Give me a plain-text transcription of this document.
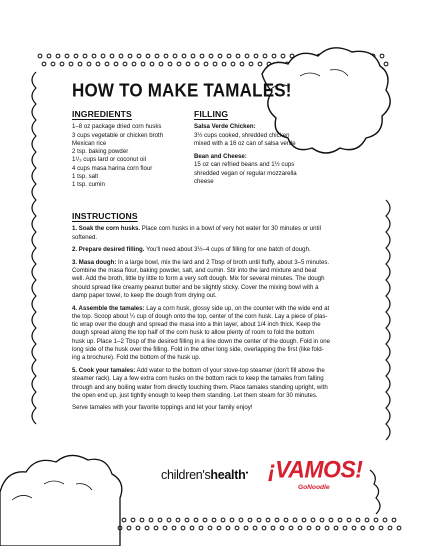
HOW TO MAKE TAMALES!
INGREDIENTS
1–8 oz package dried corn husks
3 cups vegetable or chicken broth
Mexican rice
2 tsp. baking powder
1¹/₃ cups lard or coconut oil
4 cups masa harina corn flour
1 tsp. salt
1 tsp. cumin
FILLING
Salsa Verde Chicken:
3½ cups cooked, shredded chicken
mixed with a 16 oz can of salsa verde
Bean and Cheese:
15 oz can refried beans and 1½ cups
shredded vegan or regular mozzarella
cheese
INSTRUCTIONS
1. Soak the corn husks. Place corn husks in a bowl of very hot water for 30 minutes or until
softened.
2. Prepare desired filling. You'll need about 3½–4 cups of filling for one batch of dough.
3. Masa dough: In a large bowl, mix the lard and 2 Tbsp of broth until fluffy, about 3–5 minutes.
Combine the masa flour, baking powder, salt, and cumin. Stir into the lard mixture and beat
well. Add the broth, little by little to form a very soft dough. Mix for several minutes. The dough
should spread like creamy peanut butter and be slightly sticky. Cover the mixing bowl with a
damp paper towel, to keep the dough from drying out.
4. Assemble the tamales: Lay a corn husk, glossy side up, on the counter with the wide end at
the top. Scoop about ¼ cup of dough onto the top, center of the corn husk. Lay a piece of plas-
tic wrap over the dough and spread the masa into a thin layer, about 1/4 inch thick. Keep the
dough spread along the top half of the corn husk to allow plenty of room to fold the bottom
husk up. Place 1–2 Tbsp of the desired filling in a line down the center of the dough. Fold in one
long side of the husk over the filling. Fold in the other long side, overlapping the first (like fold-
ing a brochure). Fold the bottom of the husk up.
5. Cook your tamales: Add water to the bottom of your stove-top steamer (don't fill above the
steamer rack). Lay a few extra corn husks on the bottom rack to keep the tamales from falling
through and any boiling water from directly touching them. Place tamales standing upright, with
the open end up, just tightly enough to keep them standing. Let them steam for 30 minutes.
Serve tamales with your favorite toppings and let your family enjoy!
children'shealth● ¡VAMOS!
GoNoodle
